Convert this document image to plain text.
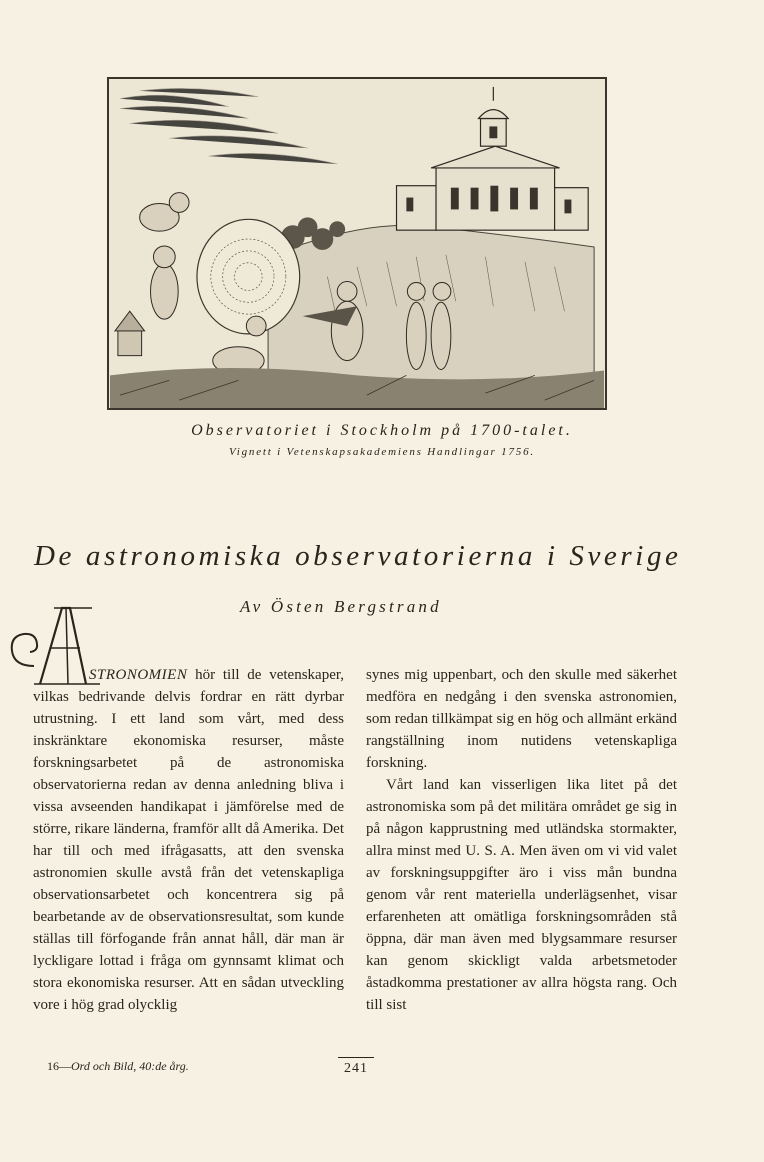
Observatoriet i Stockholm på 1700-talet.
Vignett i Vetenskapsakademiens Handlingar 1756.
De astronomiska observatorierna i Sverige
Av Östen Bergstrand

STRONOMIEN hör till de vetenskaper, vilkas bedrivande delvis fordrar en rätt dyrbar utrustning. I ett land som vårt, med dess inskränktare ekonomiska resurser, måste forskningsarbetet på de astronomiska observatorierna redan av denna anledning bliva i vissa avseenden handikapat i jämförelse med de större, rikare länderna, framför allt då Amerika. Det har till och med ifrågasatts, att den svenska astronomien skulle avstå från det vetenskapliga observationsarbetet och koncentrera sig på bearbetande av de observationsresultat, som kunde ställas till förfogande från annat håll, där man är lyckligare lottad i fråga om gynnsamt klimat och stora ekonomiska resurser. Att en sådan utveckling vore i hög grad olycklig

synes mig uppenbart, och den skulle med säkerhet medföra en nedgång i den svenska astronomien, som redan tillkämpat sig en hög och allmänt erkänd rangställning inom nutidens vetenskapliga forskning.

Vårt land kan visserligen lika litet på det astronomiska som på det militära området ge sig in på någon kapprustning med utländska stormakter, allra minst med U. S. A. Men även om vi vid valet av forskningsuppgifter äro i viss mån bundna genom vår rent materiella underlägsenhet, visar erfarenheten att omätliga forskningsområden stå öppna, där man även med blygsammare resurser kan genom skickligt valda arbetsmetoder åstadkomma prestationer av allra högsta rang. Och till sist

16—Ord och Bild, 40:de årg.	241
